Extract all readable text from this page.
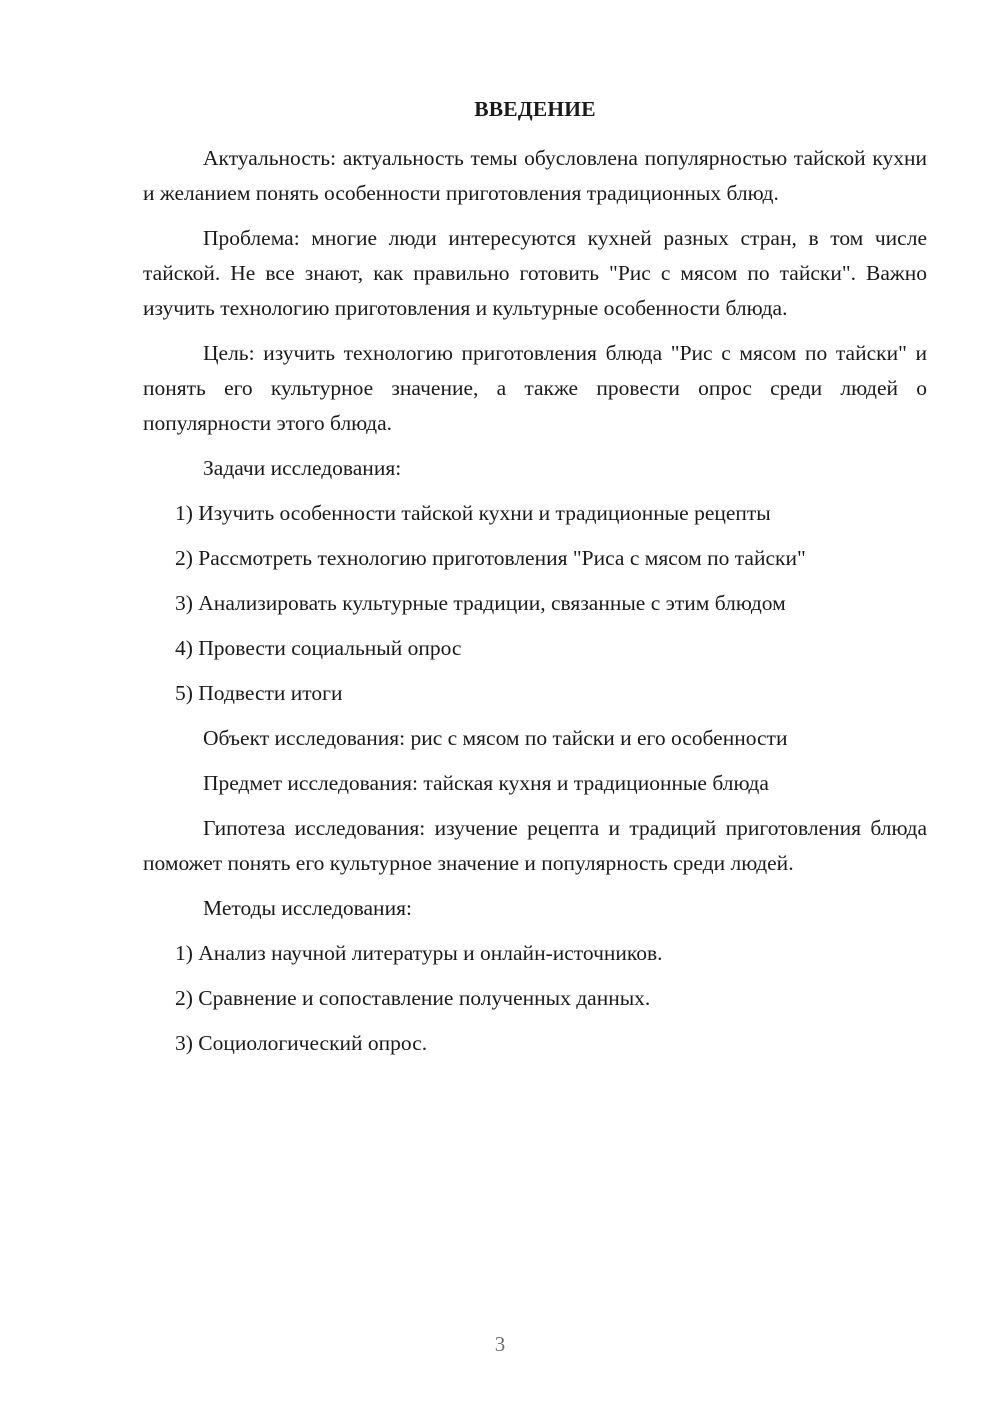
ВВЕДЕНИЕ

Актуальность: актуальность темы обусловлена популярностью тайской кухни и желанием понять особенности приготовления традиционных блюд.

Проблема: многие люди интересуются кухней разных стран, в том числе тайской. Не все знают, как правильно готовить "Рис с мясом по тайски". Важно изучить технологию приготовления и культурные особенности блюда.

Цель: изучить технологию приготовления блюда "Рис с мясом по тайски" и понять его культурное значение, а также провести опрос среди людей о популярности этого блюда.

Задачи исследования:

1) Изучить особенности тайской кухни и традиционные рецепты

2) Рассмотреть технологию приготовления "Риса с мясом по тайски"

3) Анализировать культурные традиции, связанные с этим блюдом

4) Провести социальный опрос

5) Подвести итоги

Объект исследования: рис с мясом по тайски и его особенности

Предмет исследования: тайская кухня и традиционные блюда

Гипотеза исследования: изучение рецепта и традиций приготовления блюда поможет понять его культурное значение и популярность среди людей.

Методы исследования:

1) Анализ научной литературы и онлайн-источников.

2) Сравнение и сопоставление полученных данных.

3) Социологический опрос.

3
